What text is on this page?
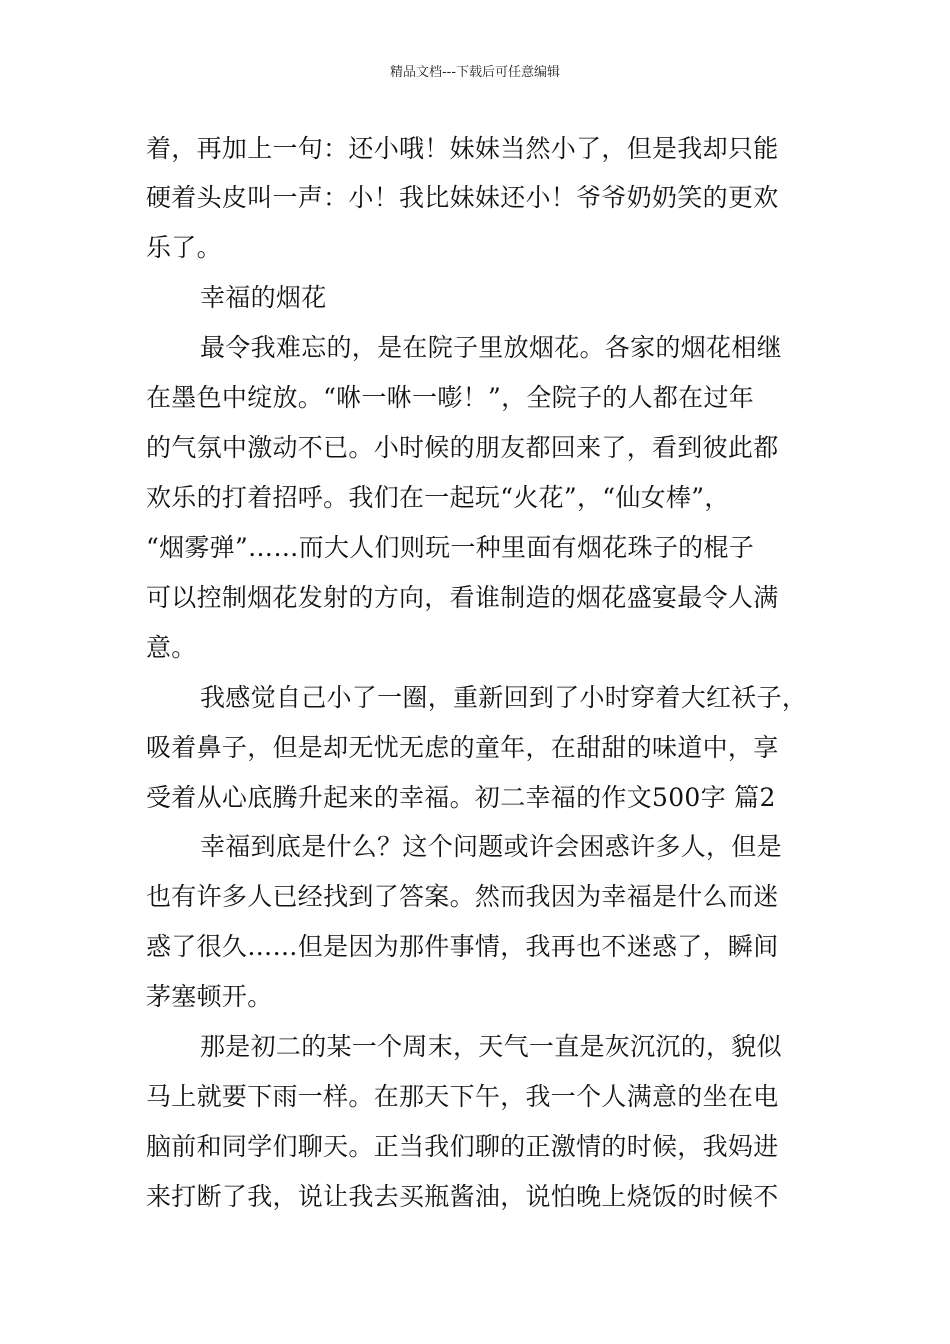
精品文档---下载后可任意编辑
着，再加上一句：还小哦！妹妹当然小了，但是我却只能
硬着头皮叫一声：小！我比妹妹还小！爷爷奶奶笑的更欢
乐了。
幸福的烟花
最令我难忘的，是在院子里放烟花。各家的烟花相继
在墨色中绽放。“咻一咻一嘭！”，全院子的人都在过年
的气氛中激动不已。小时候的朋友都回来了，看到彼此都
欢乐的打着招呼。我们在一起玩“火花”，“仙女棒”，
“烟雾弹”……而大人们则玩一种里面有烟花珠子的棍子
可以控制烟花发射的方向，看谁制造的烟花盛宴最令人满
意。
我感觉自己小了一圈，重新回到了小时穿着大红袄子，
吸着鼻子，但是却无忧无虑的童年，在甜甜的味道中，享
受着从心底腾升起来的幸福。初二幸福的作文500字 篇2
幸福到底是什么？这个问题或许会困惑许多人，但是
也有许多人已经找到了答案。然而我因为幸福是什么而迷
惑了很久……但是因为那件事情，我再也不迷惑了，瞬间
茅塞顿开。
那是初二的某一个周末，天气一直是灰沉沉的，貌似
马上就要下雨一样。在那天下午，我一个人满意的坐在电
脑前和同学们聊天。正当我们聊的正激情的时候，我妈进
来打断了我，说让我去买瓶酱油，说怕晚上烧饭的时候不
